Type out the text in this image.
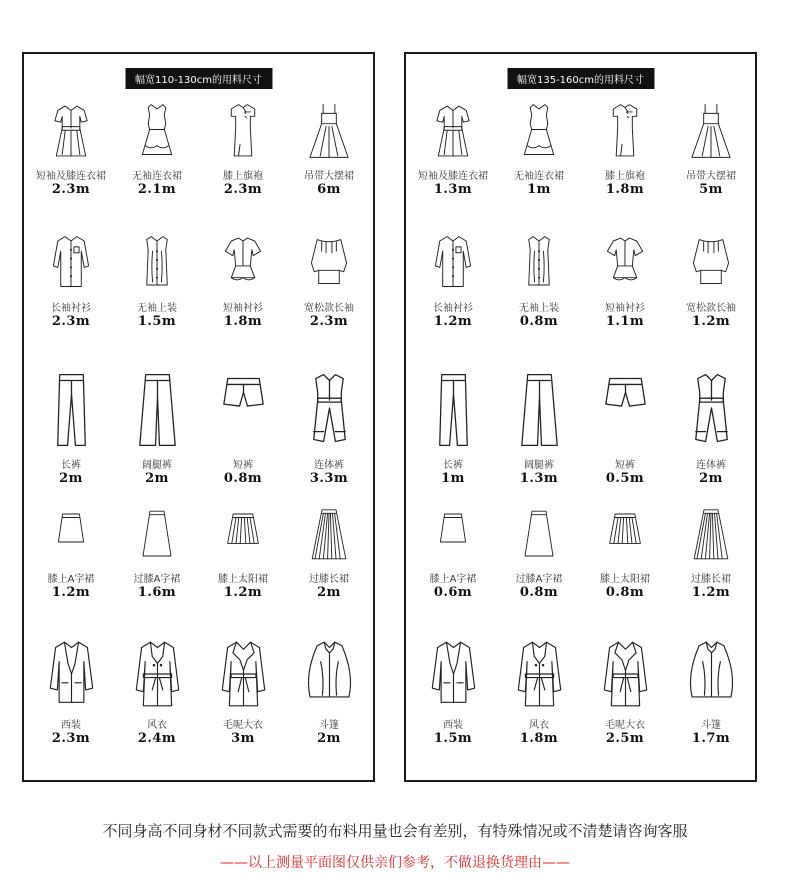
幅宽110-130cm的用料尺寸
短袖及膝连衣裙
2.3m
无袖连衣裙
2.1m
膝上旗袍
2.3m
吊带大摆裙
6m
长袖衬衫
2.3m
无袖上装
1.5m
短袖衬衫
1.8m
宽松款长袖
2.3m
长裤
2m
阔腿裤
2m
短裤
0.8m
连体裤
3.3m
膝上A字裙
1.2m
过膝A字裙
1.6m
膝上太阳裙
1.2m
过膝长裙
2m
西装
2.3m
风衣
2.4m
毛呢大衣
3m
斗篷
2m
幅宽135-160cm的用料尺寸
短袖及膝连衣裙
1.3m
无袖连衣裙
1m
膝上旗袍
1.8m
吊带大摆裙
5m
长袖衬衫
1.2m
无袖上装
0.8m
短袖衬衫
1.1m
宽松款长袖
1.2m
长裤
1m
阔腿裤
1.3m
短裤
0.5m
连体裤
2m
膝上A字裙
0.6m
过膝A字裙
0.8m
膝上太阳裙
0.8m
过膝长裙
1.2m
西装
1.5m
风衣
1.8m
毛呢大衣
2.5m
斗篷
1.7m
不同身高不同身材不同款式需要的布料用量也会有差别，有特殊情况或不清楚请咨询客服
——以上测量平面图仅供亲们参考，不做退换货理由——
